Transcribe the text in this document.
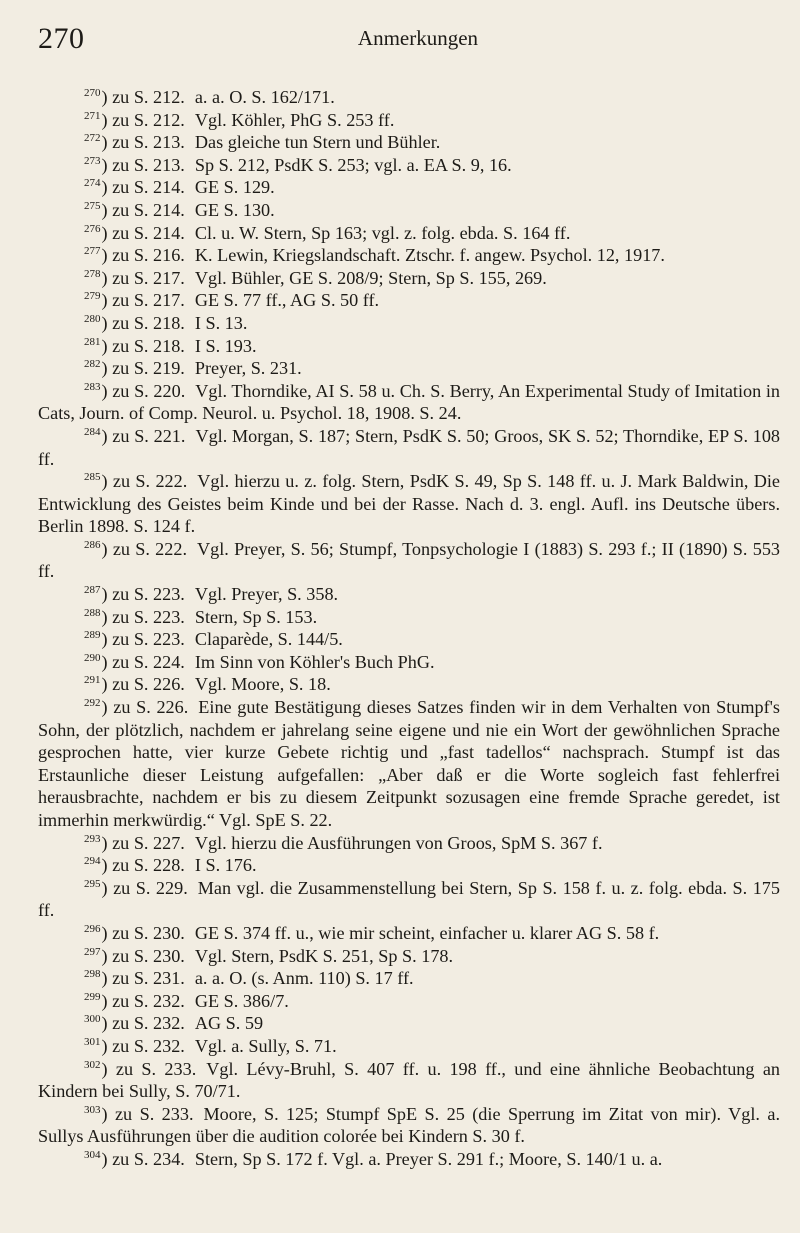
270	Anmerkungen
$^{270}$) zu S. 212. a. a. O. S. 162/171.
$^{271}$) zu S. 212. Vgl. Köhler, PhG S. 253 ff.
$^{272}$) zu S. 213. Das gleiche tun Stern und Bühler.
$^{273}$) zu S. 213. Sp S. 212, PsdK S. 253; vgl. a. EA S. 9, 16.
$^{274}$) zu S. 214. GE S. 129.
$^{275}$) zu S. 214. GE S. 130.
$^{276}$) zu S. 214. Cl. u. W. Stern, Sp 163; vgl. z. folg. ebda. S. 164 ff.
$^{277}$) zu S. 216. K. Lewin, Kriegslandschaft. Ztschr. f. angew. Psychol. 12, 1917.
$^{278}$) zu S. 217. Vgl. Bühler, GE S. 208/9; Stern, Sp S. 155, 269.
$^{279}$) zu S. 217. GE S. 77 ff., AG S. 50 ff.
$^{280}$) zu S. 218. I S. 13.
$^{281}$) zu S. 218. I S. 193.
$^{282}$) zu S. 219. Preyer, S. 231.
$^{283}$) zu S. 220. Vgl. Thorndike, AI S. 58 u. Ch. S. Berry, An Experimental Study of Imitation in Cats, Journ. of Comp. Neurol. u. Psychol. 18, 1908. S. 24.
$^{284}$) zu S. 221. Vgl. Morgan, S. 187; Stern, PsdK S. 50; Groos, SK S. 52; Thorndike, EP S. 108 ff.
$^{285}$) zu S. 222. Vgl. hierzu u. z. folg. Stern, PsdK S. 49, Sp S. 148 ff. u. J. Mark Baldwin, Die Entwicklung des Geistes beim Kinde und bei der Rasse. Nach d. 3. engl. Aufl. ins Deutsche übers. Berlin 1898. S. 124 f.
$^{286}$) zu S. 222. Vgl. Preyer, S. 56; Stumpf, Tonpsychologie I (1883) S. 293 f.; II (1890) S. 553 ff.
$^{287}$) zu S. 223. Vgl. Preyer, S. 358.
$^{288}$) zu S. 223. Stern, Sp S. 153.
$^{289}$) zu S. 223. Claparède, S. 144/5.
$^{290}$) zu S. 224. Im Sinn von Köhler's Buch PhG.
$^{291}$) zu S. 226. Vgl. Moore, S. 18.
$^{292}$) zu S. 226. Eine gute Bestätigung dieses Satzes finden wir in dem Verhalten von Stumpf's Sohn, der plötzlich, nachdem er jahrelang seine eigene und nie ein Wort der gewöhnlichen Sprache gesprochen hatte, vier kurze Gebete richtig und „fast tadellos“ nachsprach. Stumpf ist das Erstaunliche dieser Leistung aufgefallen: „Aber daß er die Worte sogleich fast fehlerfrei herausbrachte, nachdem er bis zu diesem Zeitpunkt sozusagen eine fremde Sprache geredet, ist immerhin merkwürdig.“ Vgl. SpE S. 22.
$^{293}$) zu S. 227. Vgl. hierzu die Ausführungen von Groos, SpM S. 367 f.
$^{294}$) zu S. 228. I S. 176.
$^{295}$) zu S. 229. Man vgl. die Zusammenstellung bei Stern, Sp S. 158 f. u. z. folg. ebda. S. 175 ff.
$^{296}$) zu S. 230. GE S. 374 ff. u., wie mir scheint, einfacher u. klarer AG S. 58 f.
$^{297}$) zu S. 230. Vgl. Stern, PsdK S. 251, Sp S. 178.
$^{298}$) zu S. 231. a. a. O. (s. Anm. 110) S. 17 ff.
$^{299}$) zu S. 232. GE S. 386/7.
$^{300}$) zu S. 232. AG S. 59
$^{301}$) zu S. 232. Vgl. a. Sully, S. 71.
$^{302}$) zu S. 233. Vgl. Lévy-Bruhl, S. 407 ff. u. 198 ff., und eine ähnliche Beobachtung an Kindern bei Sully, S. 70/71.
$^{303}$) zu S. 233. Moore, S. 125; Stumpf SpE S. 25 (die Sperrung im Zitat von mir). Vgl. a. Sullys Ausführungen über die audition colorée bei Kindern S. 30 f.
$^{304}$) zu S. 234. Stern, Sp S. 172 f. Vgl. a. Preyer S. 291 f.; Moore, S. 140/1 u. a.
